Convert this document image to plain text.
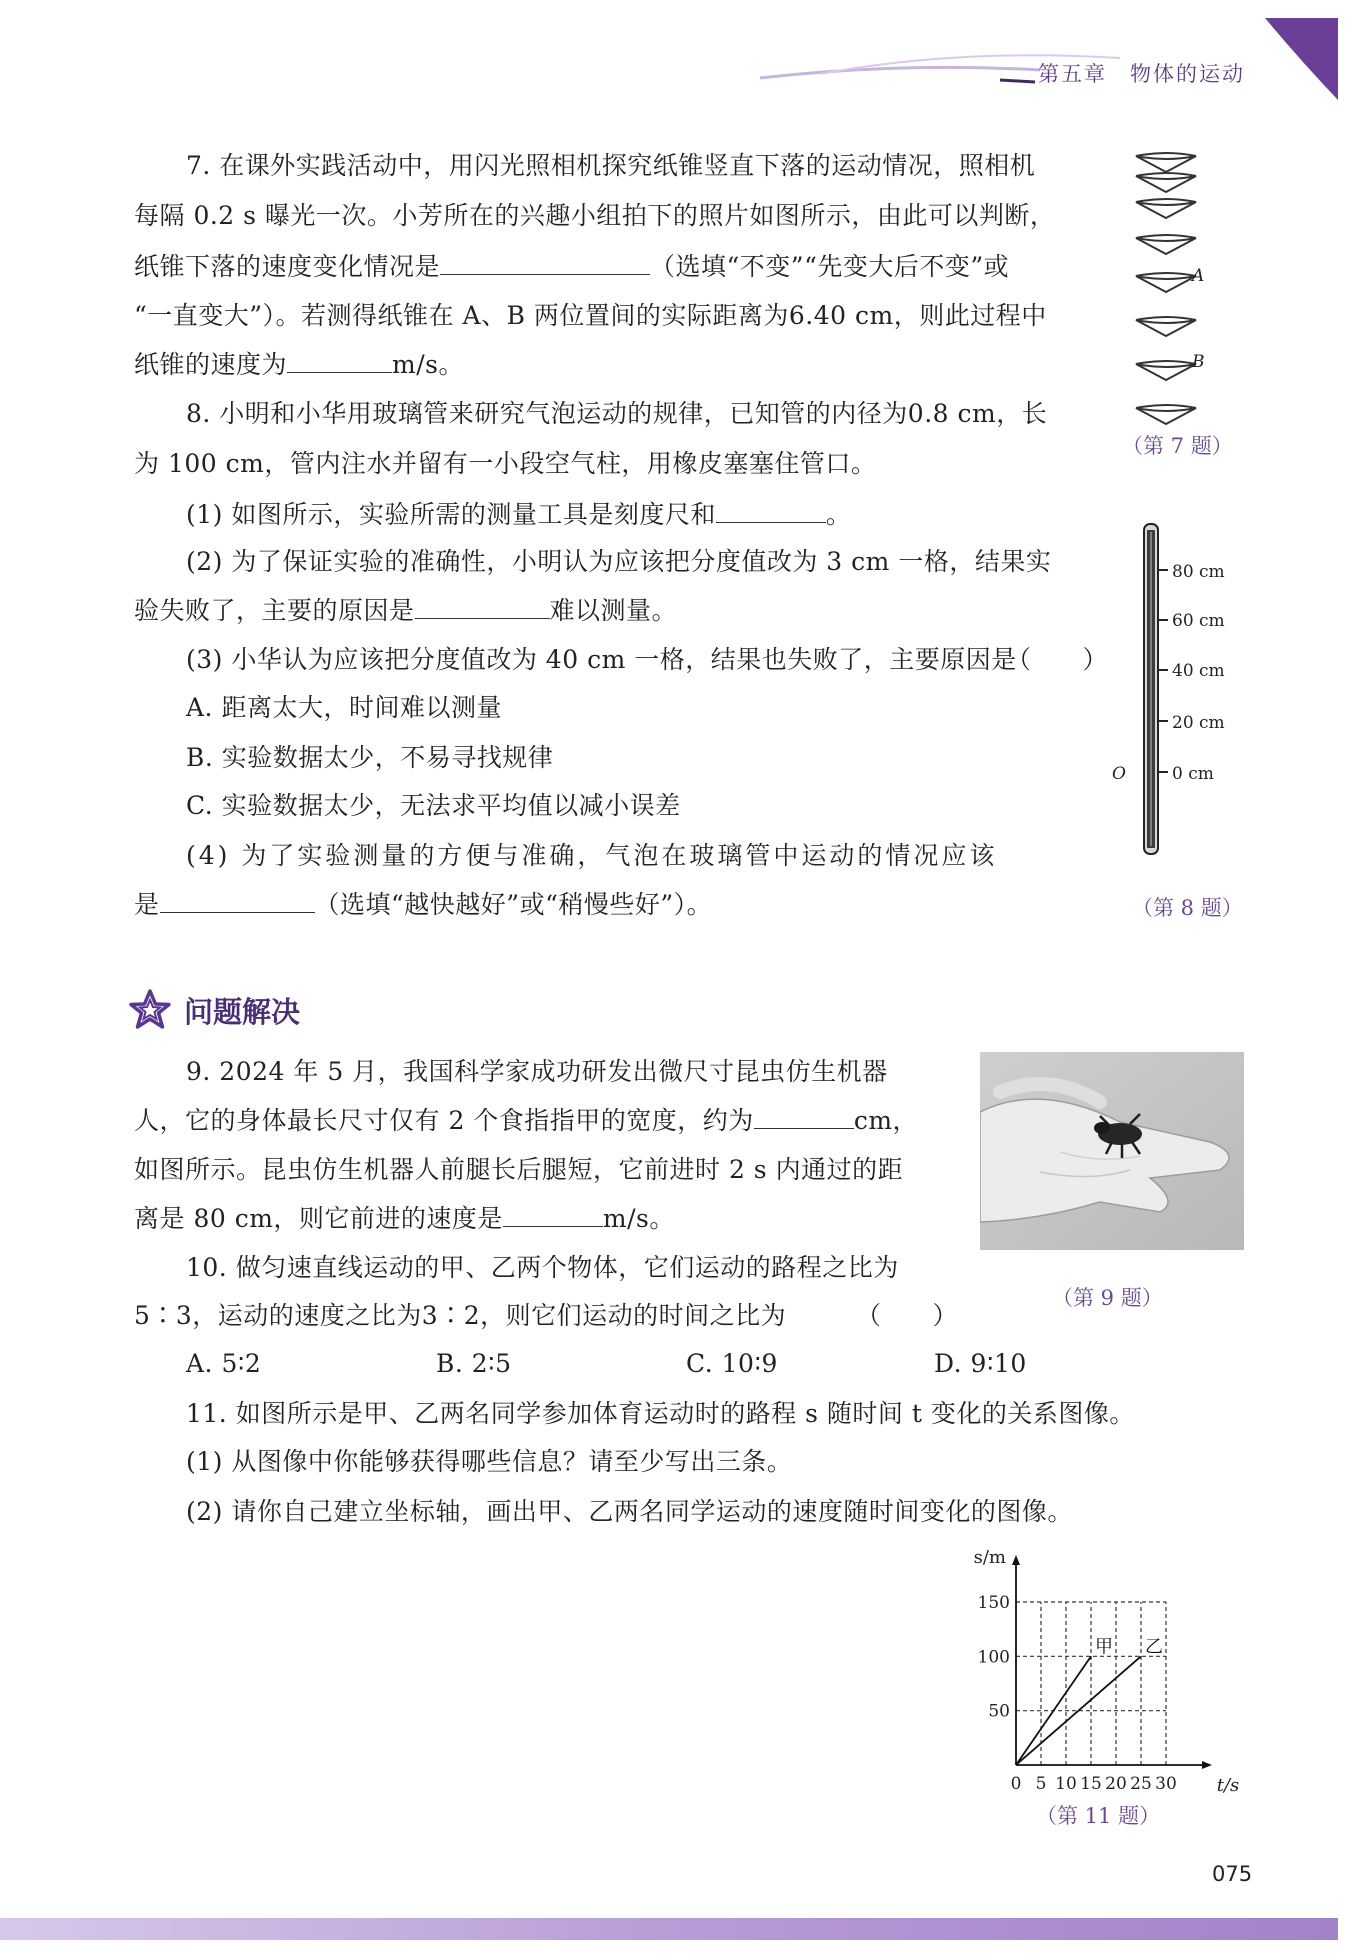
第五章　物体的运动
7. 在课外实践活动中，用闪光照相机探究纸锥竖直下落的运动情况，照相机
每隔 0.2 s 曝光一次。小芳所在的兴趣小组拍下的照片如图所示，由此可以判断，
纸锥下落的速度变化情况是	（选填“不变”“先变大后不变”或
“一直变大”）。若测得纸锥在 A、B 两位置间的实际距离为6.40 cm，则此过程中
纸锥的速度为	m/s。
A
B
（第 7 题）
8. 小明和小华用玻璃管来研究气泡运动的规律，已知管的内径为0.8 cm，长
为 100 cm，管内注水并留有一小段空气柱，用橡皮塞塞住管口。
(1) 如图所示，实验所需的测量工具是刻度尺和	。
(2) 为了保证实验的准确性，小明认为应该把分度值改为 3 cm 一格，结果实
验失败了，主要的原因是	难以测量。
(3) 小华认为应该把分度值改为 40 cm 一格，结果也失败了，主要原因是
（　　）
A. 距离太大，时间难以测量
B. 实验数据太少，不易寻找规律
C. 实验数据太少，无法求平均值以减小误差
(4) 为了实验测量的方便与准确，气泡在玻璃管中运动的情况应该
是	（选填“越快越好”或“稍慢些好”）。
80 cm
60 cm
40 cm
20 cm
0 cm
O
（第 8 题）
问题解决
9. 2024 年 5 月，我国科学家成功研发出微尺寸昆虫仿生机器
人，它的身体最长尺寸仅有 2 个食指指甲的宽度，约为	cm，
如图所示。昆虫仿生机器人前腿长后腿短，它前进时 2 s 内通过的距
离是 80 cm，则它前进的速度是	m/s。
（第 9 题）
10. 做匀速直线运动的甲、乙两个物体，它们运动的路程之比为
5∶3，运动的速度之比为3∶2，则它们运动的时间之比为	（　　）
A. 5∶2	B. 2∶5	C. 10∶9	D. 9∶10
11. 如图所示是甲、乙两名同学参加体育运动时的路程 s 随时间 t 变化的关系图像。
(1) 从图像中你能够获得哪些信息？请至少写出三条。
(2) 请你自己建立坐标轴，画出甲、乙两名同学运动的速度随时间变化的图像。
0 5 10 15 20 25 30
50
100
150
t/s
s/m
甲 乙
（第 11 题）
075
